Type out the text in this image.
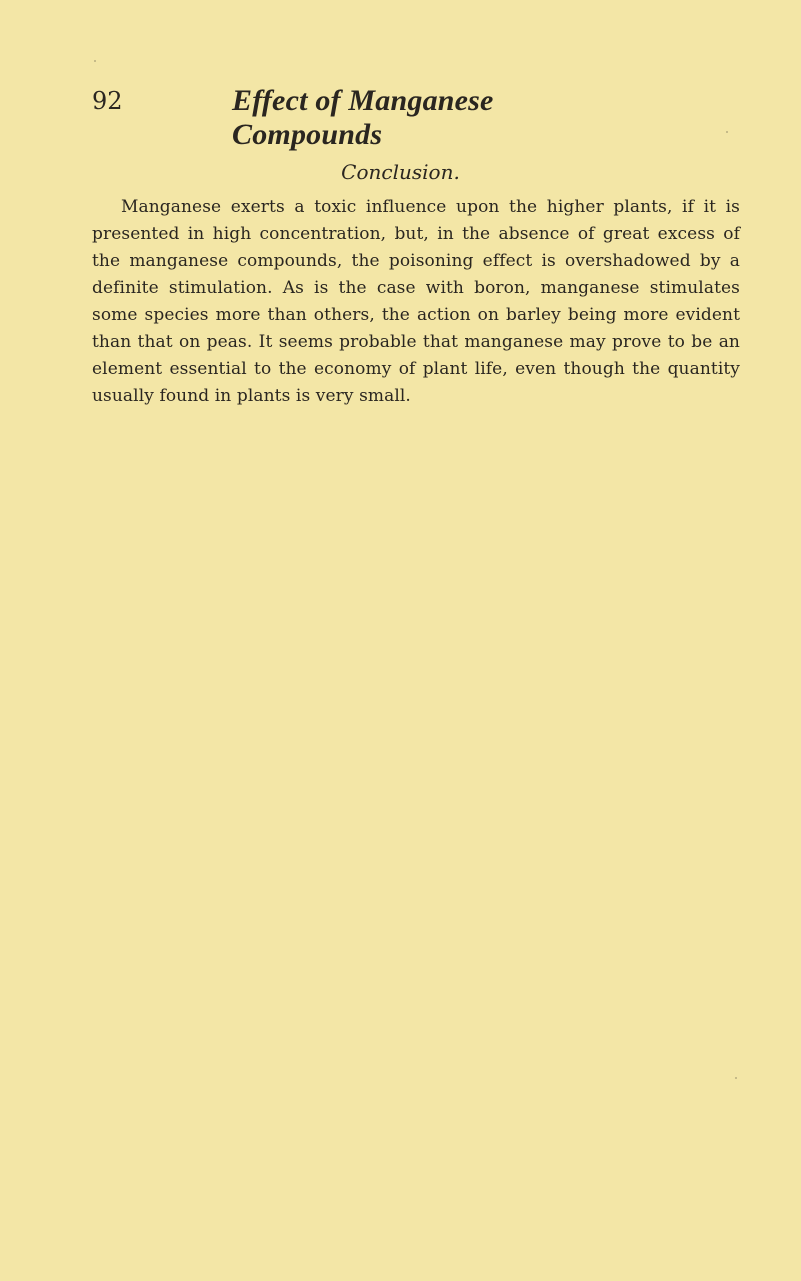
92	Effect of Manganese Compounds
Conclusion.

Manganese exerts a toxic influence upon the higher plants, if it is presented in high concentration, but, in the absence of great excess of the manganese compounds, the poisoning effect is overshadowed by a definite stimulation. As is the case with boron, manganese stimulates some species more than others, the action on barley being more evident than that on peas. It seems probable that manganese may prove to be an element essential to the economy of plant life, even though the quantity usually found in plants is very small.
